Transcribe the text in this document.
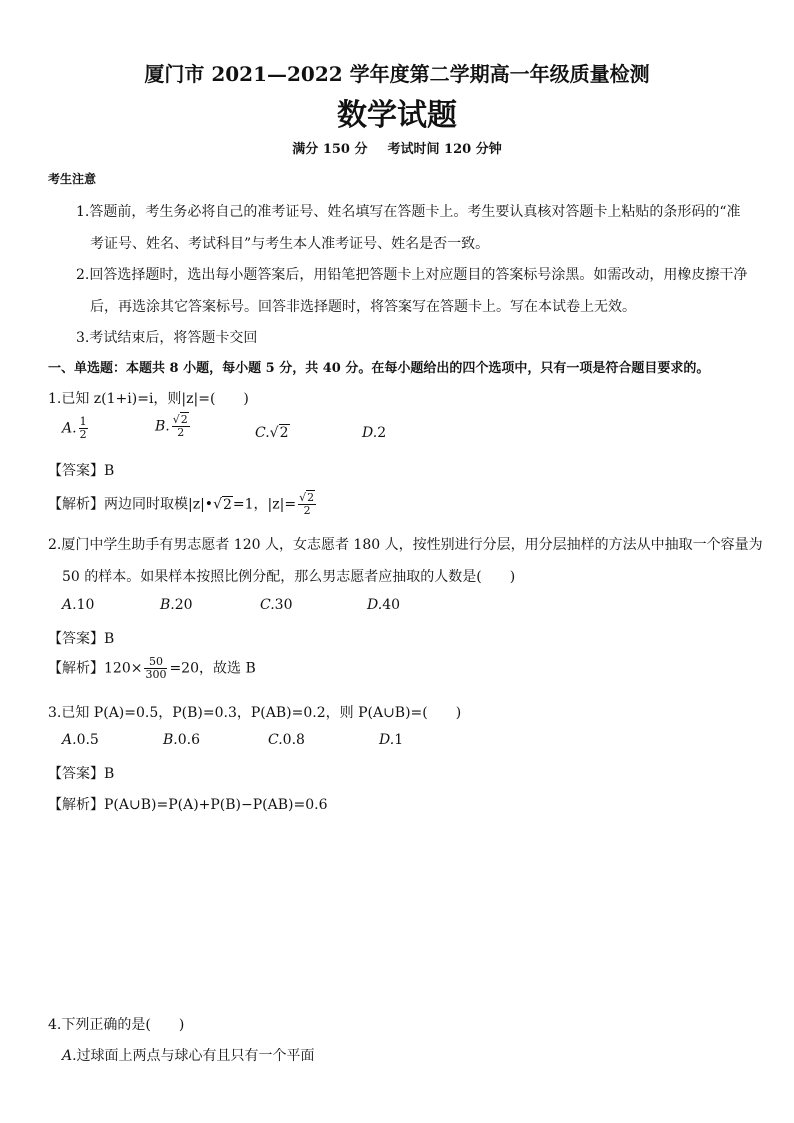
厦门市 2021—2022 学年度第二学期高一年级质量检测
数学试题
满分 150 分 考试时间 120 分钟
考生注意
1.答题前，考生务必将自己的准考证号、姓名填写在答题卡上。考生要认真核对答题卡上粘贴的条形码的“准
考证号、姓名、考试科目”与考生本人准考证号、姓名是否一致。
2.回答选择题时，选出每小题答案后，用铅笔把答题卡上对应题目的答案标号涂黑。如需改动，用橡皮擦干净
后，再选涂其它答案标号。回答非选择题时，将答案写在答题卡上。写在本试卷上无效。
3.考试结束后，将答题卡交回
一、单选题：本题共 8 小题，每小题 5 分，共 40 分。在每小题给出的四个选项中，只有一项是符合题目要求的。
1.已知 z(1+i)=i，则|z|=(　　)
A. $\frac{1}{2}$	B. $\frac{√2}{2}$	C.√2	D.2
【答案】B
【解析】两边同时取模|z|•√2=1，$|z|= \frac{√2}{2}$
2.厦门中学生助手有男志愿者 120 人，女志愿者 180 人，按性别进行分层，用分层抽样的方法从中抽取一个容量为
50 的样本。如果样本按照比例分配，那么男志愿者应抽取的人数是(　　)
A.10	B.20	C.30	D.40
【答案】B
【解析】$120\times \frac{50}{300} =20$，故选 B
3.已知 P(A)=0.5，P(B)=0.3，P(AB)=0.2，则 P(A∪B)=(　　)
A.0.5	B.0.6	C.0.8	D.1
【答案】B
【解析】P(A∪B)=P(A)+P(B)−P(AB)=0.6
4.下列正确的是(　　)
A.过球面上两点与球心有且只有一个平面
